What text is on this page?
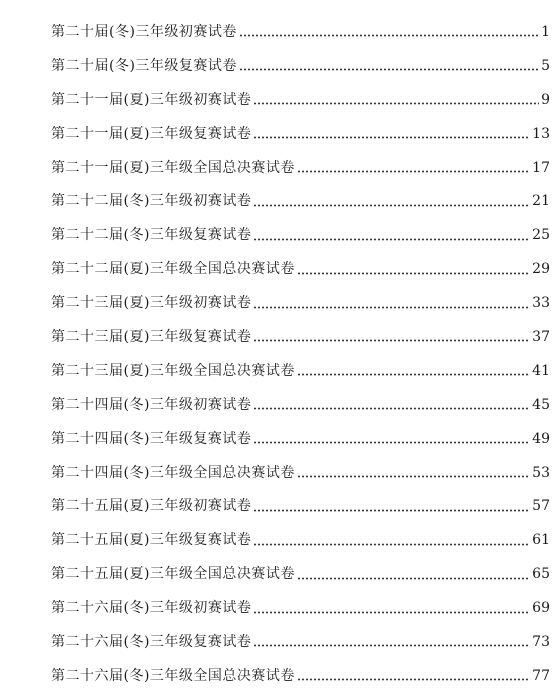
第二十届(冬)三年级初赛试卷	1
第二十届(冬)三年级复赛试卷	5
第二十一届(夏)三年级初赛试卷	9
第二十一届(夏)三年级复赛试卷	13
第二十一届(夏)三年级全国总决赛试卷	17
第二十二届(冬)三年级初赛试卷	21
第二十二届(冬)三年级复赛试卷	25
第二十二届(夏)三年级全国总决赛试卷	29
第二十三届(夏)三年级初赛试卷	33
第二十三届(夏)三年级复赛试卷	37
第二十三届(夏)三年级全国总决赛试卷	41
第二十四届(冬)三年级初赛试卷	45
第二十四届(冬)三年级复赛试卷	49
第二十四届(冬)三年级全国总决赛试卷	53
第二十五届(夏)三年级初赛试卷	57
第二十五届(夏)三年级复赛试卷	61
第二十五届(夏)三年级全国总决赛试卷	65
第二十六届(冬)三年级初赛试卷	69
第二十六届(冬)三年级复赛试卷	73
第二十六届(冬)三年级全国总决赛试卷	77
